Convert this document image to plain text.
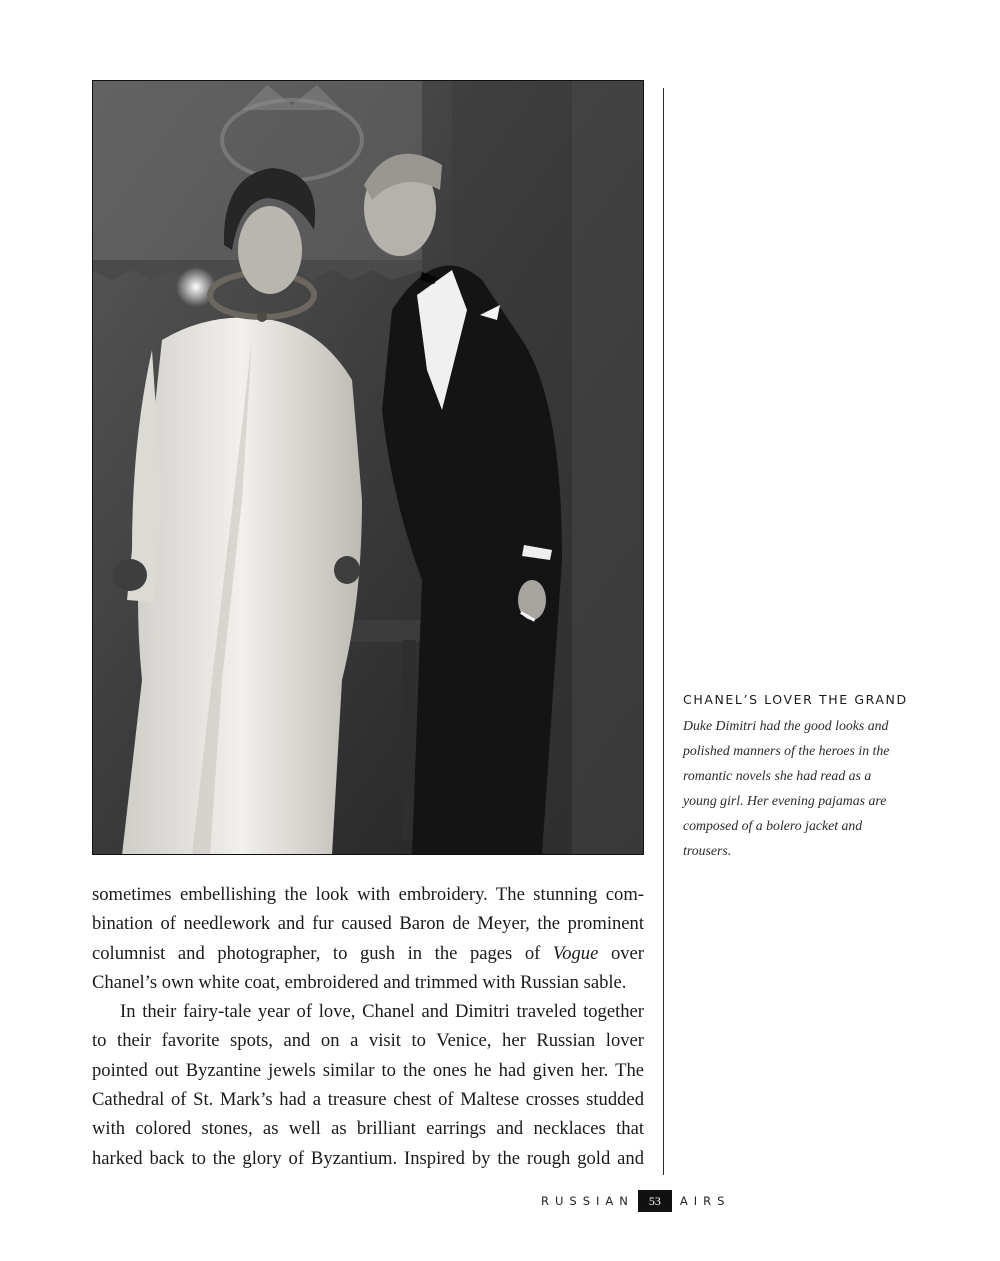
CHANEL’S LOVER THE GRAND
Duke Dimitri had the good looks and
polished manners of the heroes in the
romantic novels she had read as a
young girl. Her evening pajamas are
composed of a bolero jacket and
trousers.
sometimes embellishing the look with embroidery. The stunning com-
bination of needlework and fur caused Baron de Meyer, the prominent
columnist and photographer, to gush in the pages of Vogue over
Chanel’s own white coat, embroidered and trimmed with Russian sable.
In their fairy-tale year of love, Chanel and Dimitri traveled together
to their favorite spots, and on a visit to Venice, her Russian lover
pointed out Byzantine jewels similar to the ones he had given her. The
Cathedral of St. Mark’s had a treasure chest of Maltese crosses studded
with colored stones, as well as brilliant earrings and necklaces that
harked back to the glory of Byzantium. Inspired by the rough gold and
RUSSIAN	53	AIRS
